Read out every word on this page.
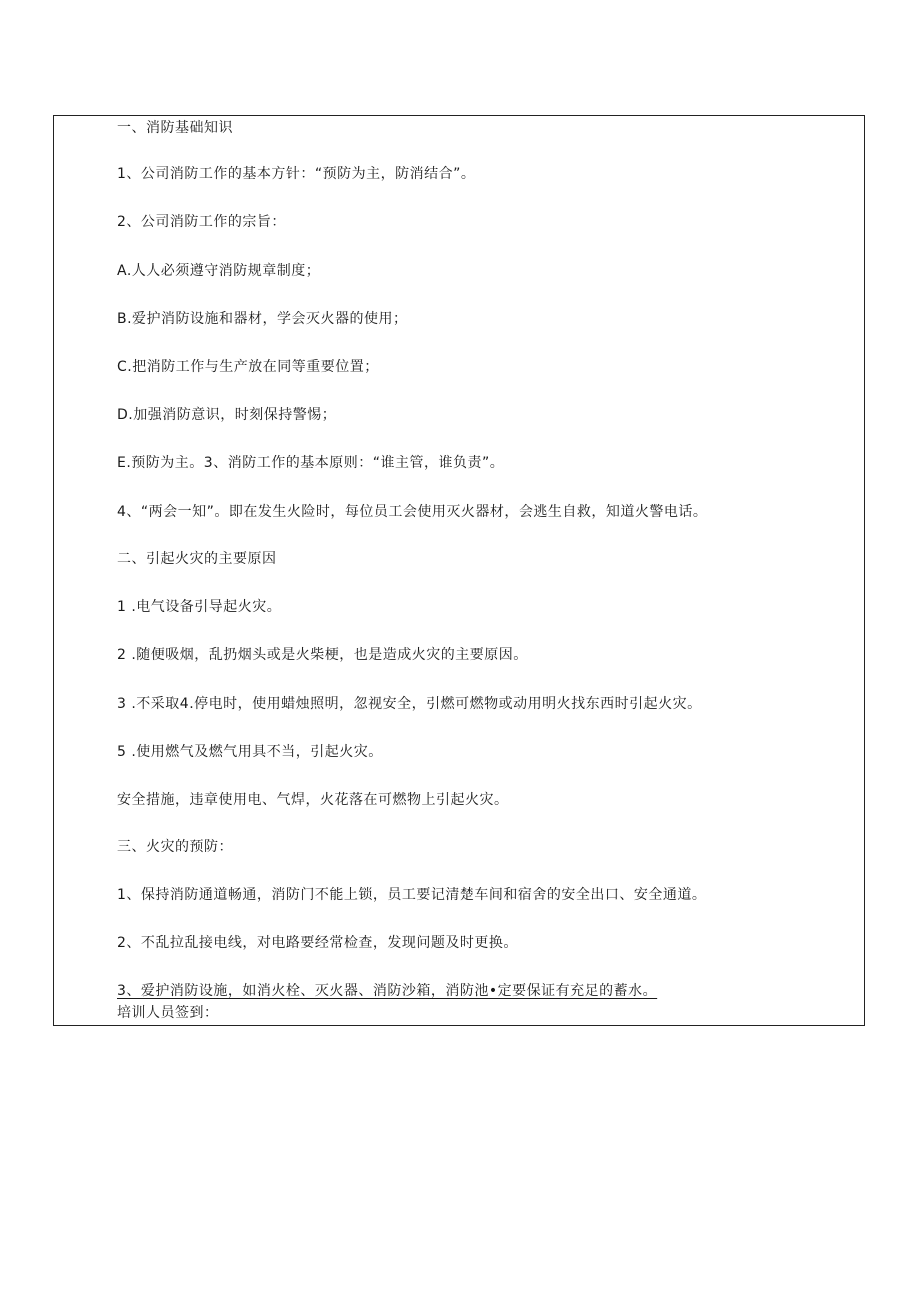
一、消防基础知识
1、公司消防工作的基本方针：“预防为主，防消结合”。
2、公司消防工作的宗旨：
A.人人必须遵守消防规章制度；
B.爱护消防设施和器材，学会灭火器的使用；
C.把消防工作与生产放在同等重要位置；
D.加强消防意识，时刻保持警惕；
E.预防为主。3、消防工作的基本原则：“谁主管，谁负责”。
4、“两会一知”。即在发生火险时，每位员工会使用灭火器材，会逃生自救，知道火警电话。
二、引起火灾的主要原因
1 .电气设备引导起火灾。
2 .随便吸烟，乱扔烟头或是火柴梗，也是造成火灾的主要原因。
3 .不采取4.停电时，使用蜡烛照明，忽视安全，引燃可燃物或动用明火找东西时引起火灾。
5 .使用燃气及燃气用具不当，引起火灾。
安全措施，违章使用电、气焊，火花落在可燃物上引起火灾。
三、火灾的预防：
1、保持消防通道畅通，消防门不能上锁，员工要记清楚车间和宿舍的安全出口、安全通道。
2、不乱拉乱接电线，对电路要经常检查，发现问题及时更换。
3、爱护消防设施，如消火栓、灭火器、消防沙箱，消防池•定要保证有充足的蓄水。
培训人员签到：
